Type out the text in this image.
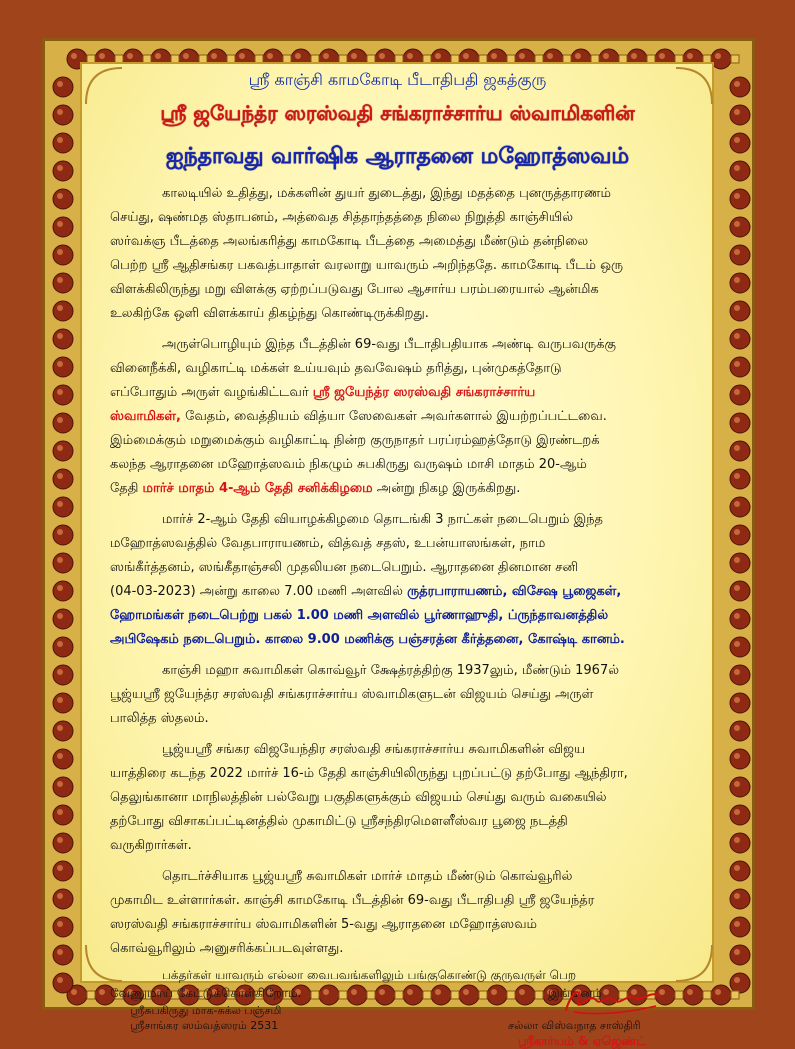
ஸ்ரீ காஞ்சி காமகோடி பீடாதிபதி ஜகத்குரு
ஸ்ரீ ஜயேந்த்ர ஸரஸ்வதி சங்கராச்சார்ய ஸ்வாமிகளின்
ஐந்தாவது வார்ஷிக ஆராதனை மஹோத்ஸவம்
காலடியில் உதித்து, மக்களின் துயர் துடைத்து, இந்து மதத்தை புனருத்தாரணம்
செய்து, ஷண்மத ஸ்தாபனம், அத்வைத சித்தாந்தத்தை நிலை நிறுத்தி காஞ்சியில்
ஸர்வக்ஞ பீடத்தை அலங்கரித்து காமகோடி பீடத்தை அமைத்து மீண்டும் தன்நிலை
பெற்ற ஸ்ரீ ஆதிசங்கர பகவத்பாதாள் வரலாறு யாவரும் அறிந்ததே. காமகோடி பீடம் ஒரு
விளக்கிலிருந்து மறு விளக்கு ஏற்றப்படுவது போல ஆசார்ய பரம்பரையால் ஆன்மிக
உலகிற்கே ஒளி விளக்காய் திகழ்ந்து கொண்டிருக்கிறது.
அருள்பொழியும் இந்த பீடத்தின் 69-வது பீடாதிபதியாக அண்டி வருபவருக்கு
வினைநீக்கி, வழிகாட்டி மக்கள் உய்யவும் தவவேஷம் தரித்து, புன்முகத்தோடு
எப்போதும் அருள் வழங்கிட்டவர் ஸ்ரீ ஜயேந்த்ர ஸரஸ்வதி சங்கராச்சார்ய
ஸ்வாமிகள், வேதம், வைத்தியம் வித்யா ஸேவைகள் அவர்களால் இயற்றப்பட்டவை.
இம்மைக்கும் மறுமைக்கும் வழிகாட்டி நின்ற குருநாதர் பரப்ரம்ஹத்தோடு இரண்டறக்
கலந்த ஆராதனை மஹோத்ஸவம் நிகழும் சுபகிருது வருஷம் மாசி மாதம் 20-ஆம்
தேதி மார்ச் மாதம் 4-ஆம் தேதி சனிக்கிழமை அன்று நிகழ இருக்கிறது.
மார்ச் 2-ஆம் தேதி வியாழக்கிழமை தொடங்கி 3 நாட்கள் நடைபெறும் இந்த
மஹோத்ஸவத்தில் வேதபாராயணம், வித்வத் சதஸ், உபன்யாஸங்கள், நாம
ஸங்கீர்த்தனம், ஸங்கீதாஞ்சலி முதலியன நடைபெறும். ஆராதனை தினமான சனி
(04-03-2023) அன்று காலை 7.00 மணி அளவில் ருத்ரபாராயணம், விசேஷ பூஜைகள்,
ஹோமங்கள் நடைபெற்று பகல் 1.00 மணி அளவில் பூர்ணாஹுதி, ப்ருந்தாவனத்தில்
அபிஷேகம் நடைபெறும். காலை 9.00 மணிக்கு பஞ்சரத்ன கீர்த்தனை, கோஷ்டி கானம்.
காஞ்சி மஹா சுவாமிகள் கொவ்வூர் க்ஷேத்ரத்திற்கு 1937லும், மீண்டும் 1967ல்
பூஜ்யஸ்ரீ ஜயேந்த்ர சரஸ்வதி சங்கராச்சார்ய ஸ்வாமிகளுடன் விஜயம் செய்து அருள்
பாலித்த ஸ்தலம்.
பூஜ்யஸ்ரீ சங்கர விஜயேந்திர சரஸ்வதி சங்கராச்சார்ய சுவாமிகளின் விஜய
யாத்திரை கடந்த 2022 மார்ச் 16-ம் தேதி காஞ்சியிலிருந்து புறப்பட்டு தற்போது ஆந்திரா,
தெலுங்கானா மாநிலத்தின் பல்வேறு பகுதிகளுக்கும் விஜயம் செய்து வரும் வகையில்
தற்போது விசாகப்பட்டினத்தில் முகாமிட்டு ஸ்ரீசந்திரமௌளீஸ்வர பூஜை நடத்தி
வருகிறார்கள்.
தொடர்ச்சியாக பூஜ்யஸ்ரீ சுவாமிகள் மார்ச் மாதம் மீண்டும் கொவ்வூரில்
முகாமிட உள்ளார்கள். காஞ்சி காமகோடி பீடத்தின் 69-வது பீடாதிபதி ஸ்ரீ ஜயேந்த்ர
ஸரஸ்வதி சங்கராச்சார்ய ஸ்வாமிகளின் 5-வது ஆராதனை மஹோத்ஸவம்
கொவ்வூரிலும் அனுசரிக்கப்படவுள்ளது.
பக்தர்கள் யாவரும் எல்லா வைபவங்களிலும் பங்குகொண்டு குருவருள் பெற
வேணுமாய் கேட்டுக்கொள்கிறோம்.	இங்ஙனம்
ஸ்ரீசுபகிருது மாக-சுக்ல பஞ்சமி
ஸ்ரீசாங்கர ஸம்வத்ஸரம் 2531	சல்லா விஸ்வநாத சாஸ்திரி
ஸ்ரீகார்யம் & ஏஜெண்ட்
